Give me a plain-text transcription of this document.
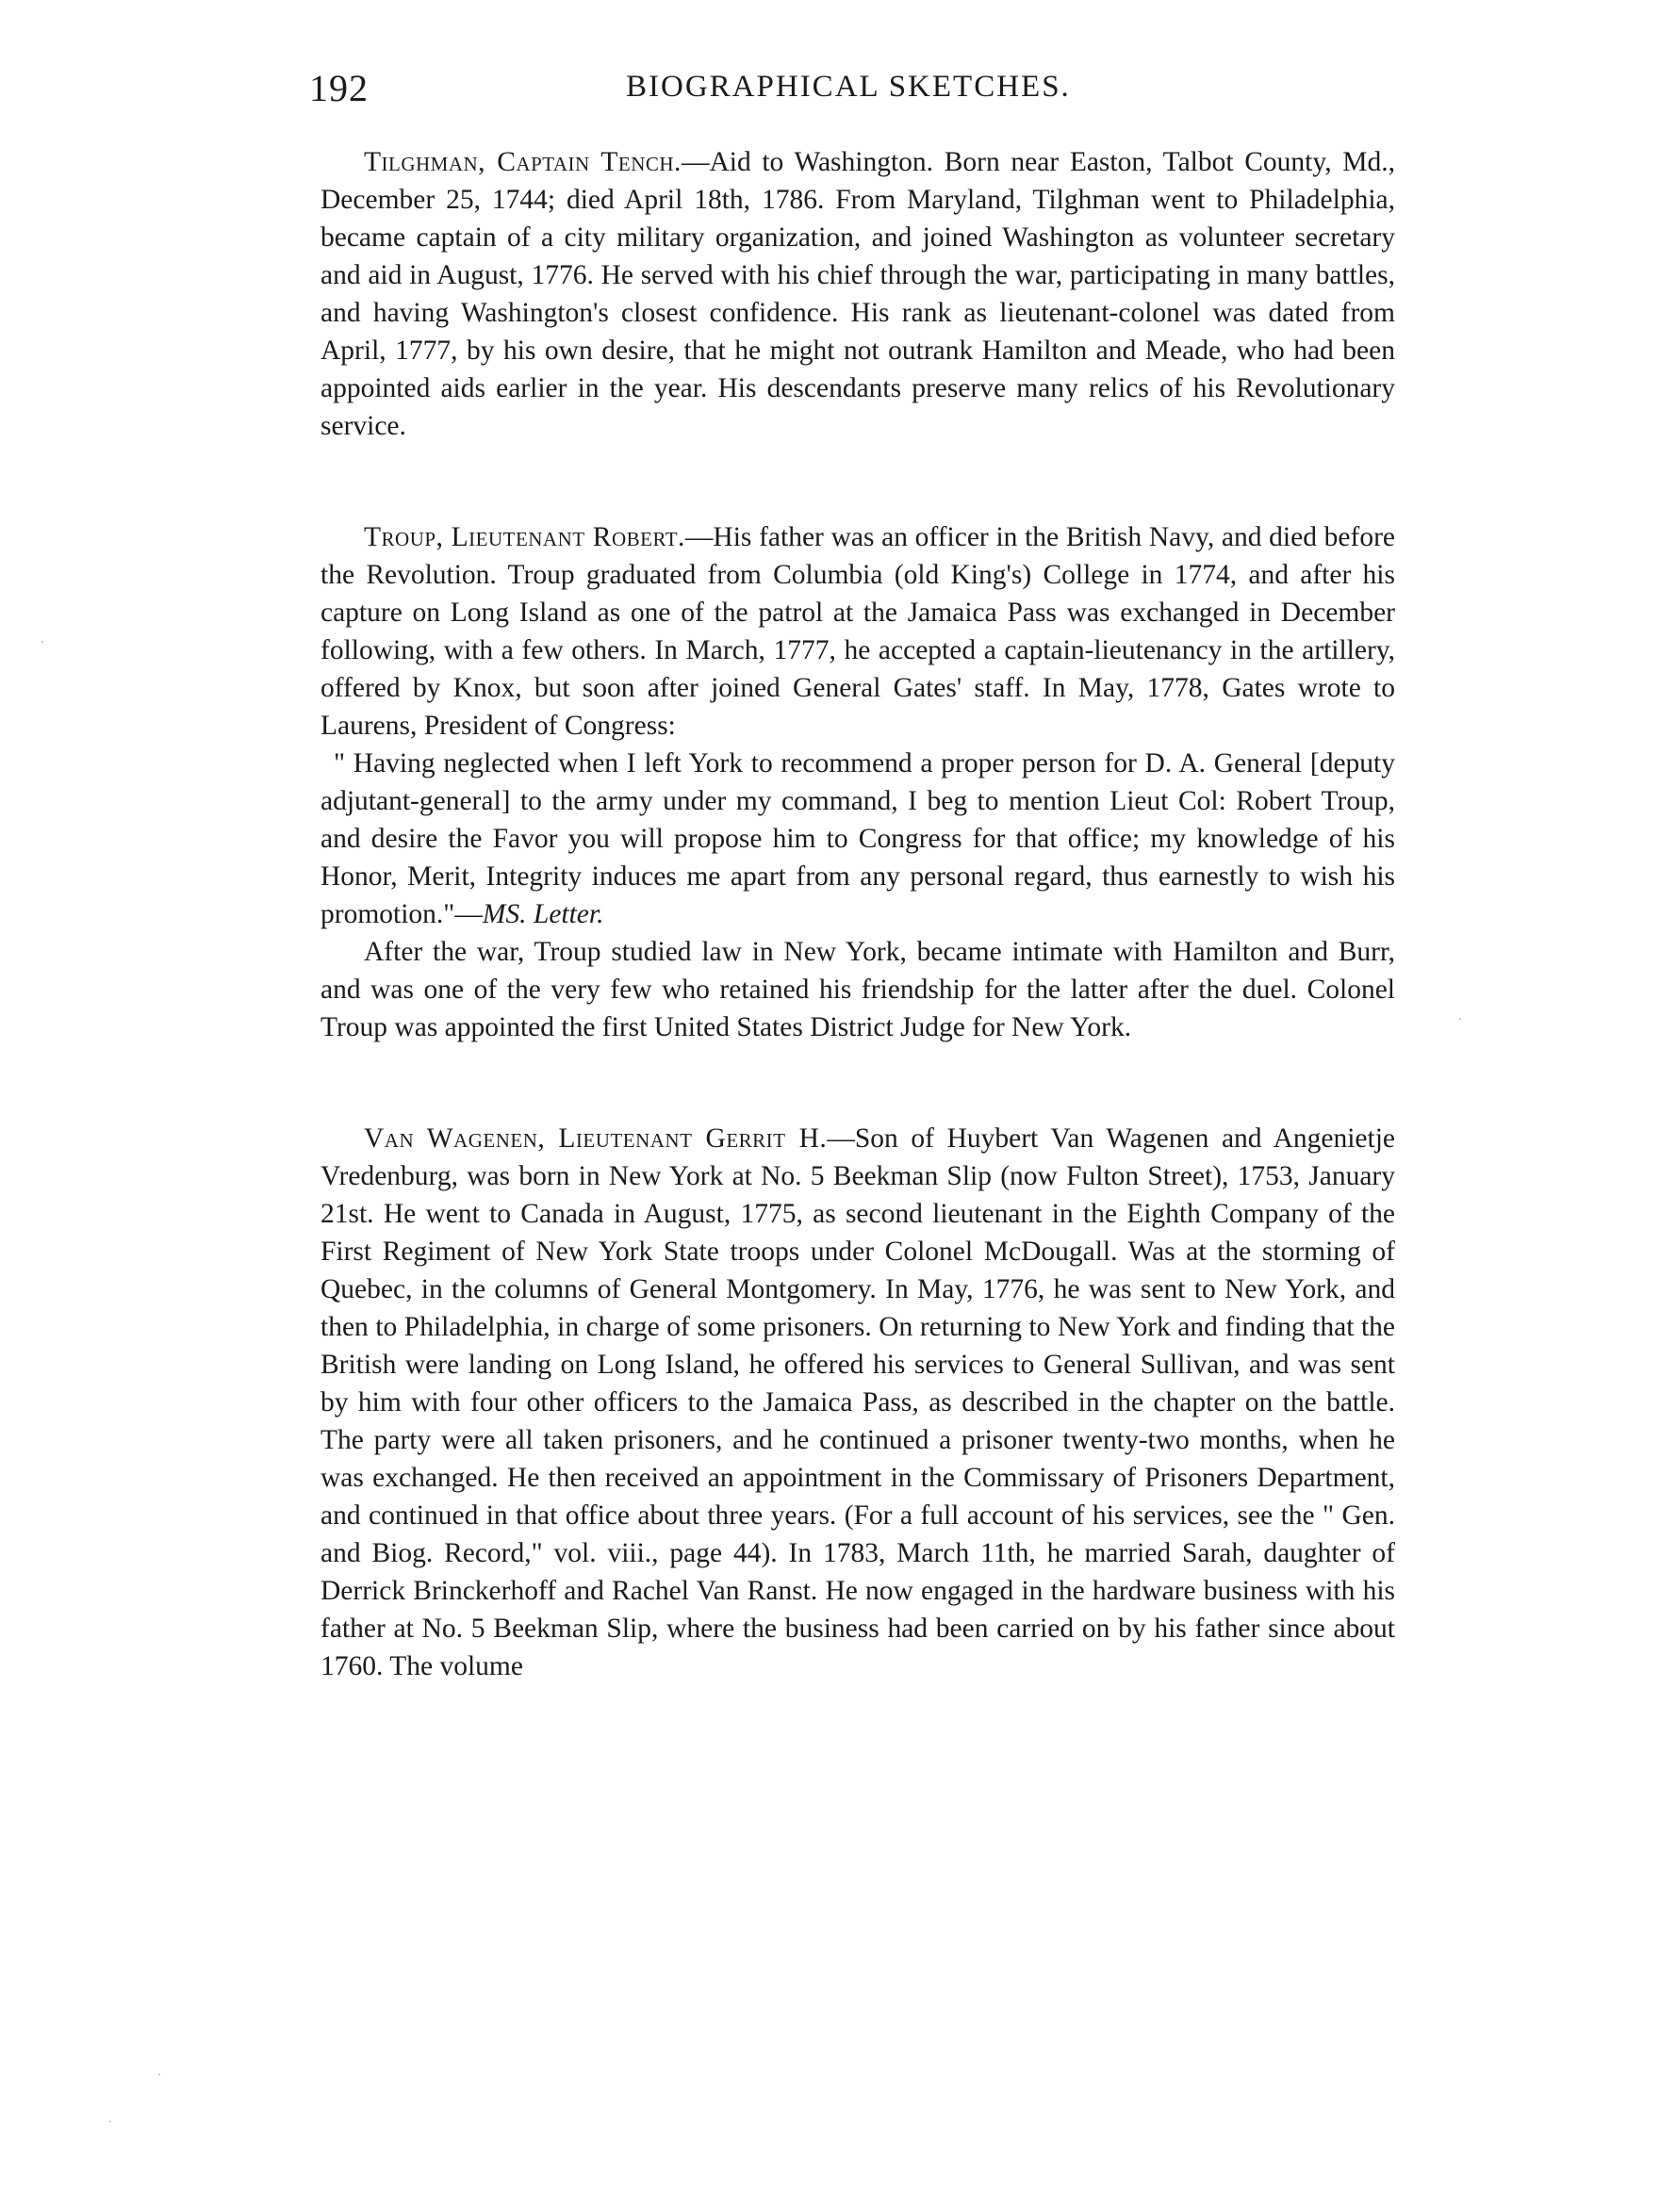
192	BIOGRAPHICAL SKETCHES.

Tilghman, Captain Tench.—Aid to Washington. Born near Easton, Talbot County, Md., December 25, 1744; died April 18th, 1786. From Maryland, Tilghman went to Philadelphia, became captain of a city military organization, and joined Washington as volunteer secretary and aid in August, 1776. He served with his chief through the war, participating in many battles, and having Washington's closest confidence. His rank as lieutenant-colonel was dated from April, 1777, by his own desire, that he might not outrank Hamilton and Meade, who had been appointed aids earlier in the year. His descendants preserve many relics of his Revolutionary service.

Troup, Lieutenant Robert.—His father was an officer in the British Navy, and died before the Revolution. Troup graduated from Columbia (old King's) College in 1774, and after his capture on Long Island as one of the patrol at the Jamaica Pass was exchanged in December following, with a few others. In March, 1777, he accepted a captain-lieutenancy in the artillery, offered by Knox, but soon after joined General Gates' staff. In May, 1778, Gates wrote to Laurens, President of Congress:

" Having neglected when I left York to recommend a proper person for D. A. General [deputy adjutant-general] to the army under my command, I beg to mention Lieut Col: Robert Troup, and desire the Favor you will propose him to Congress for that office; my knowledge of his Honor, Merit, Integrity induces me apart from any personal regard, thus earnestly to wish his promotion."—MS. Letter.

After the war, Troup studied law in New York, became intimate with Hamilton and Burr, and was one of the very few who retained his friendship for the latter after the duel. Colonel Troup was appointed the first United States District Judge for New York.

Van Wagenen, Lieutenant Gerrit H.—Son of Huybert Van Wagenen and Angenietje Vredenburg, was born in New York at No. 5 Beekman Slip (now Fulton Street), 1753, January 21st. He went to Canada in August, 1775, as second lieutenant in the Eighth Company of the First Regiment of New York State troops under Colonel McDougall. Was at the storming of Quebec, in the columns of General Montgomery. In May, 1776, he was sent to New York, and then to Philadelphia, in charge of some prisoners. On returning to New York and finding that the British were landing on Long Island, he offered his services to General Sullivan, and was sent by him with four other officers to the Jamaica Pass, as described in the chapter on the battle. The party were all taken prisoners, and he continued a prisoner twenty-two months, when he was exchanged. He then received an appointment in the Commissary of Prisoners Department, and continued in that office about three years. (For a full account of his services, see the " Gen. and Biog. Record," vol. viii., page 44). In 1783, March 11th, he married Sarah, daughter of Derrick Brinckerhoff and Rachel Van Ranst. He now engaged in the hardware business with his father at No. 5 Beekman Slip, where the business had been carried on by his father since about 1760. The volume
